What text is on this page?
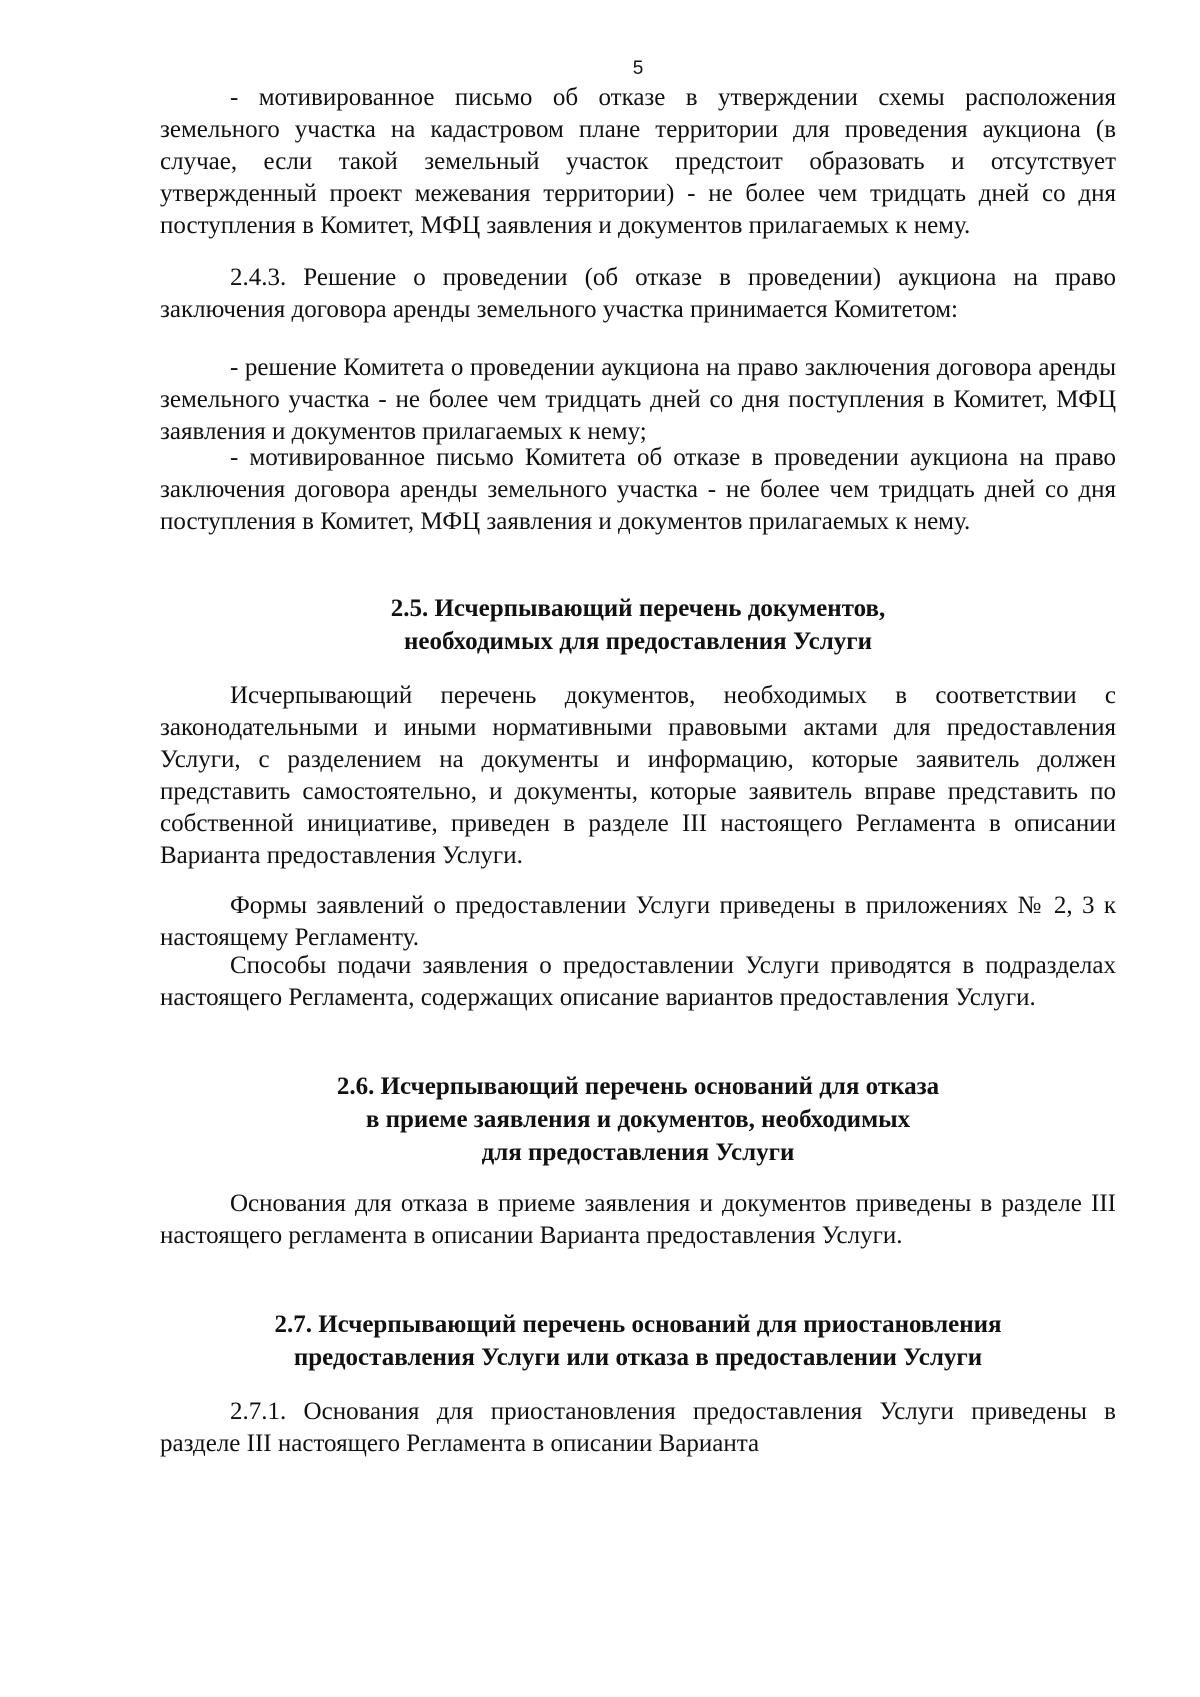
5

- мотивированное письмо об отказе в утверждении схемы расположения земельного участка на кадастровом плане территории для проведения аукциона (в случае, если такой земельный участок предстоит образовать и отсутствует утвержденный проект межевания территории) - не более чем тридцать дней со дня поступления в Комитет, МФЦ заявления и документов прилагаемых к нему.

2.4.3. Решение о проведении (об отказе в проведении) аукциона на право заключения договора аренды земельного участка принимается Комитетом:

- решение Комитета о проведении аукциона на право заключения договора аренды земельного участка - не более чем тридцать дней со дня поступления в Комитет, МФЦ заявления и документов прилагаемых к нему;

- мотивированное письмо Комитета об отказе в проведении аукциона на право заключения договора аренды земельного участка - не более чем тридцать дней со дня поступления в Комитет, МФЦ заявления и документов прилагаемых к нему.

2.5. Исчерпывающий перечень документов,

необходимых для предоставления Услуги

Исчерпывающий перечень документов, необходимых в соответствии с законодательными и иными нормативными правовыми актами для предоставления Услуги, с разделением на документы и информацию, которые заявитель должен представить самостоятельно, и документы, которые заявитель вправе представить по собственной инициативе, приведен в разделе III настоящего Регламента в описании Варианта предоставления Услуги.

Формы заявлений о предоставлении Услуги приведены в приложениях № 2, 3 к настоящему Регламенту.

Способы подачи заявления о предоставлении Услуги приводятся в подразделах настоящего Регламента, содержащих описание вариантов предоставления Услуги.

2.6. Исчерпывающий перечень оснований для отказа

в приеме заявления и документов, необходимых

для предоставления Услуги

Основания для отказа в приеме заявления и документов приведены в разделе III настоящего регламента в описании Варианта предоставления Услуги.

2.7. Исчерпывающий перечень оснований для приостановления

предоставления Услуги или отказа в предоставлении Услуги

2.7.1. Основания для приостановления предоставления Услуги приведены в разделе III настоящего Регламента в описании Варианта
